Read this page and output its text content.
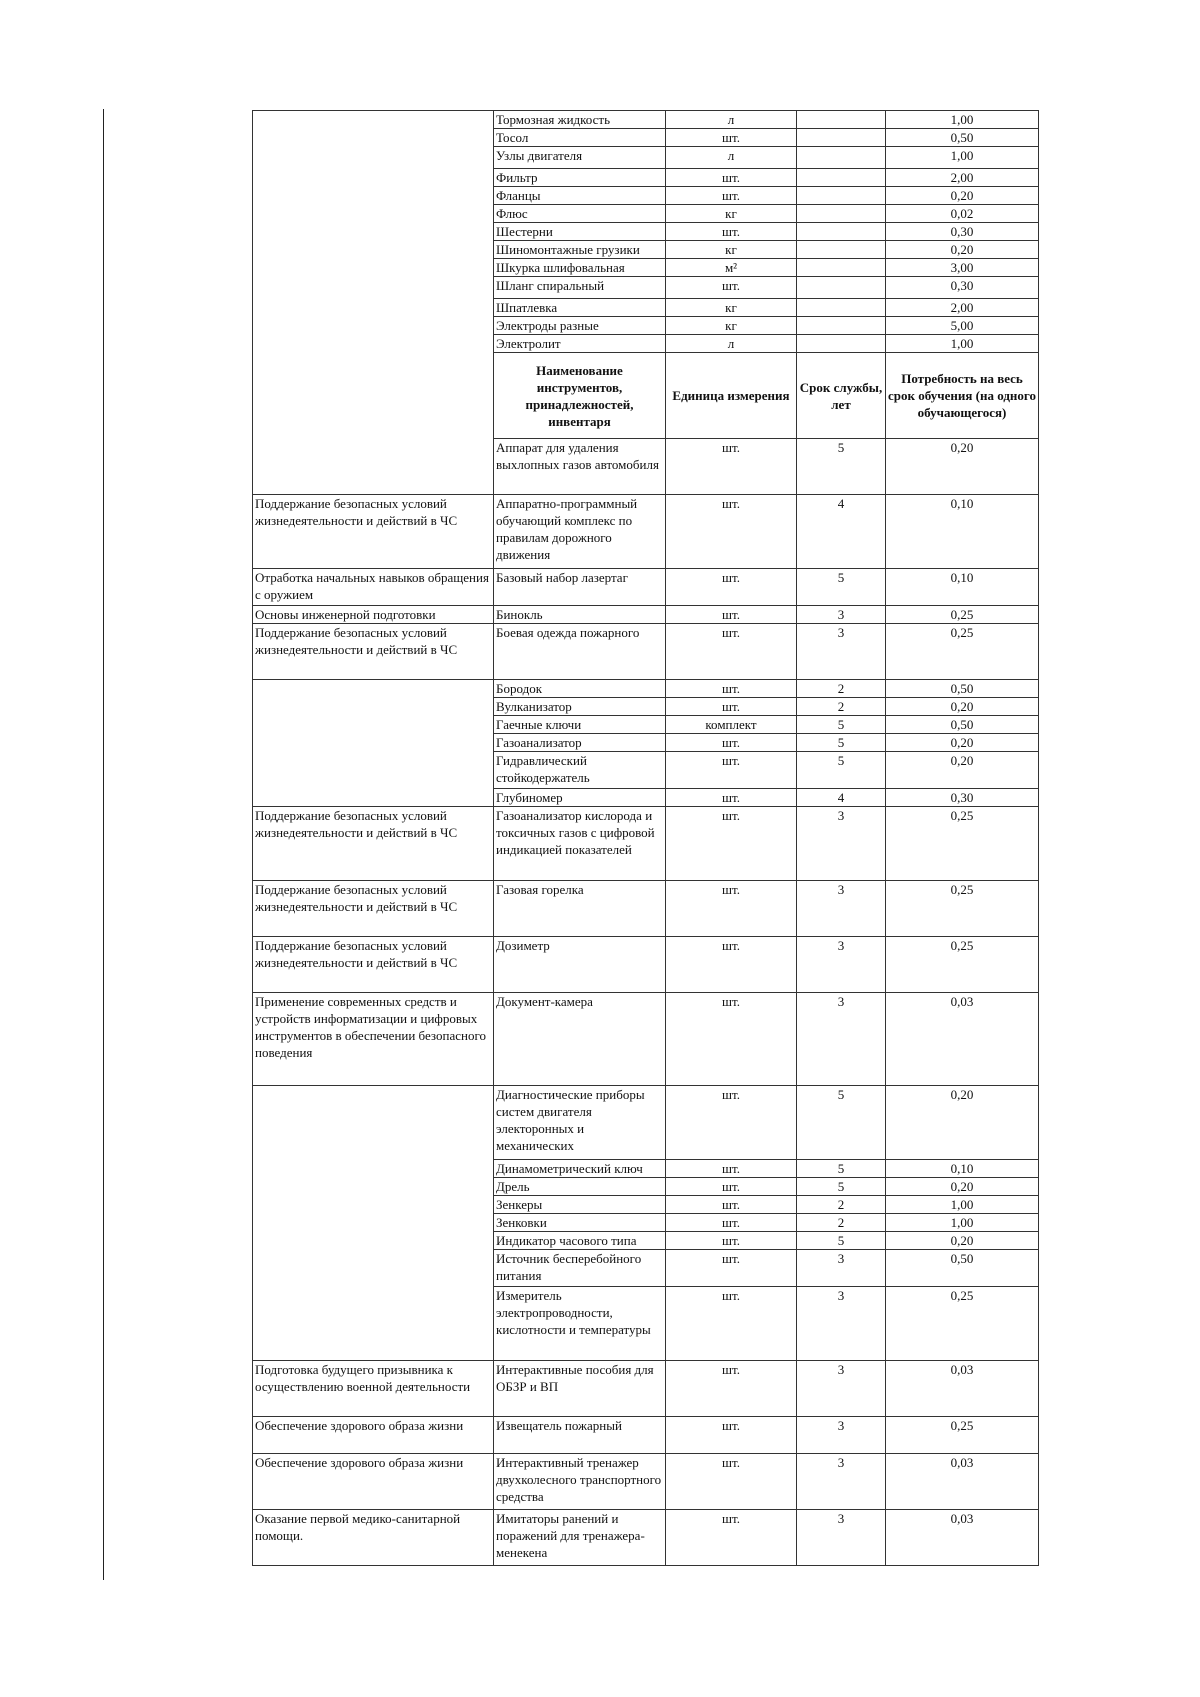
	Тормозная жидкость	л		1,00
	Тосол	шт.		0,50
	Узлы двигателя	л		1,00
	Фильтр	шт.		2,00
	Фланцы	шт.		0,20
	Флюс	кг		0,02
	Шестерни	шт.		0,30
	Шиномонтажные грузики	кг		0,20
	Шкурка шлифовальная	м²		3,00
	Шланг спиральный	шт.		0,30
	Шпатлевка	кг		2,00
	Электроды разные	кг		5,00
	Электролит	л		1,00
	Наименование инструментов, принадлежностей, инвентаря	Единица измерения	Срок службы, лет	Потребность на весь срок обучения (на одного обучающегося)
	Аппарат для удаления выхлопных газов автомобиля	шт.	5	0,20
Поддержание безопасных условий жизнедеятельности и действий в ЧС	Аппаратно-программный обучающий комплекс по правилам дорожного движения	шт.	4	0,10
Отработка начальных навыков обращения с оружием	Базовый набор лазертаг	шт.	5	0,10
Основы инженерной подготовки	Бинокль	шт.	3	0,25
Поддержание безопасных условий жизнедеятельности и действий в ЧС	Боевая одежда пожарного	шт.	3	0,25
	Бородок	шт.	2	0,50
	Вулканизатор	шт.	2	0,20
	Гаечные ключи	комплект	5	0,50
	Газоанализатор	шт.	5	0,20
	Гидравлический стойкодержатель	шт.	5	0,20
	Глубиномер	шт.	4	0,30
Поддержание безопасных условий жизнедеятельности и действий в ЧС	Газоанализатор кислорода и токсичных газов с цифровой индикацией показателей	шт.	3	0,25
Поддержание безопасных условий жизнедеятельности и действий в ЧС	Газовая горелка	шт.	3	0,25
Поддержание безопасных условий жизнедеятельности и действий в ЧС	Дозиметр	шт.	3	0,25
Применение современных средств и устройств информатизации и цифровых инструментов в обеспечении безопасного поведения	Документ-камера	шт.	3	0,03
	Диагностические приборы систем двигателя электоронных и механических	шт.	5	0,20
	Динамометрический ключ	шт.	5	0,10
	Дрель	шт.	5	0,20
	Зенкеры	шт.	2	1,00
	Зенковки	шт.	2	1,00
	Индикатор часового типа	шт.	5	0,20
	Источник бесперебойного питания	шт.	3	0,50
	Измеритель электропроводности, кислотности и температуры	шт.	3	0,25
Подготовка будущего призывника к осуществлению военной деятельности	Интерактивные пособия для ОБЗР и ВП	шт.	3	0,03
Обеспечение здорового образа жизни	Извещатель пожарный	шт.	3	0,25
Обеспечение здорового образа жизни	Интерактивный тренажер двухколесного транспортного средства	шт.	3	0,03
Оказание первой медико-санитарной помощи.	Имитаторы ранений и поражений для тренажера-менекена	шт.	3	0,03
